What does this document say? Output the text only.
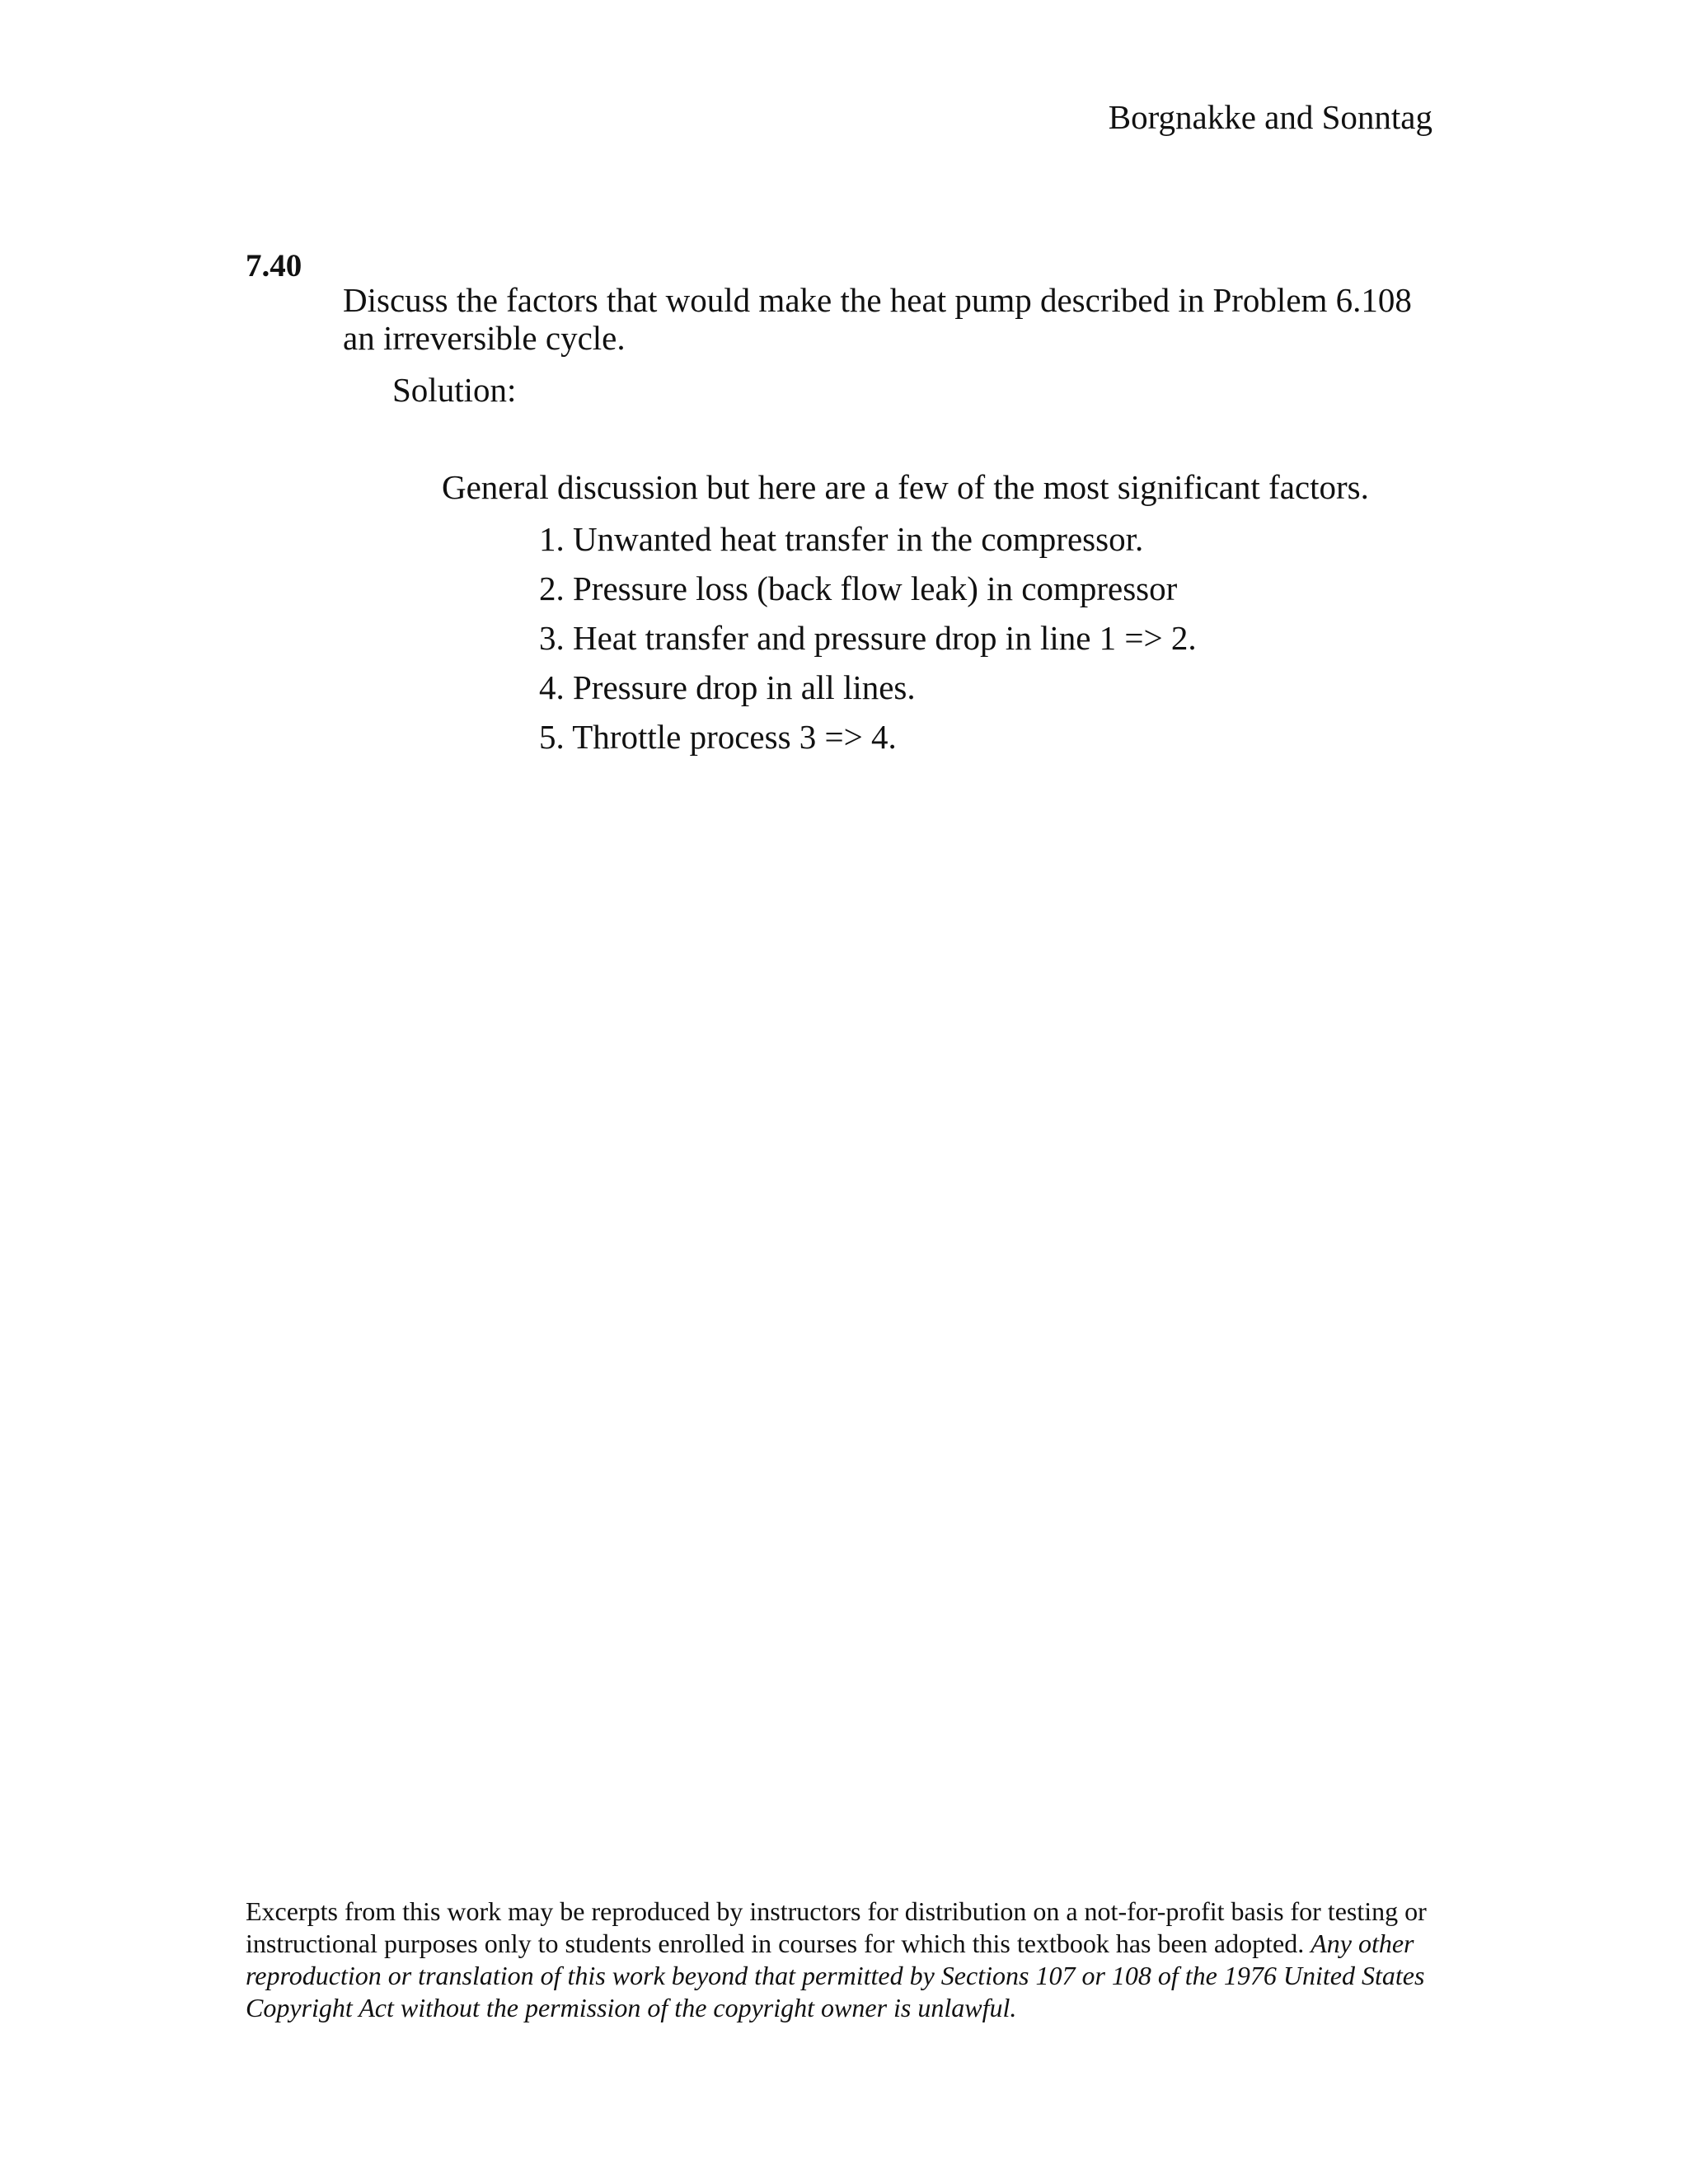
Borgnakke and Sonntag
7.40
Discuss the factors that would make the heat pump described in Problem 6.108 an irreversible cycle.
Solution:
General discussion but here are a few of the most significant factors.
1. Unwanted heat transfer in the compressor.
2. Pressure loss (back flow leak) in compressor
3. Heat transfer and pressure drop in line 1 => 2.
4. Pressure drop in all lines.
5. Throttle process 3 => 4.
Excerpts from this work may be reproduced by instructors for distribution on a not-for-profit basis for testing or instructional purposes only to students enrolled in courses for which this textbook has been adopted. Any other reproduction or translation of this work beyond that permitted by Sections 107 or 108 of the 1976 United States Copyright Act without the permission of the copyright owner is unlawful.
